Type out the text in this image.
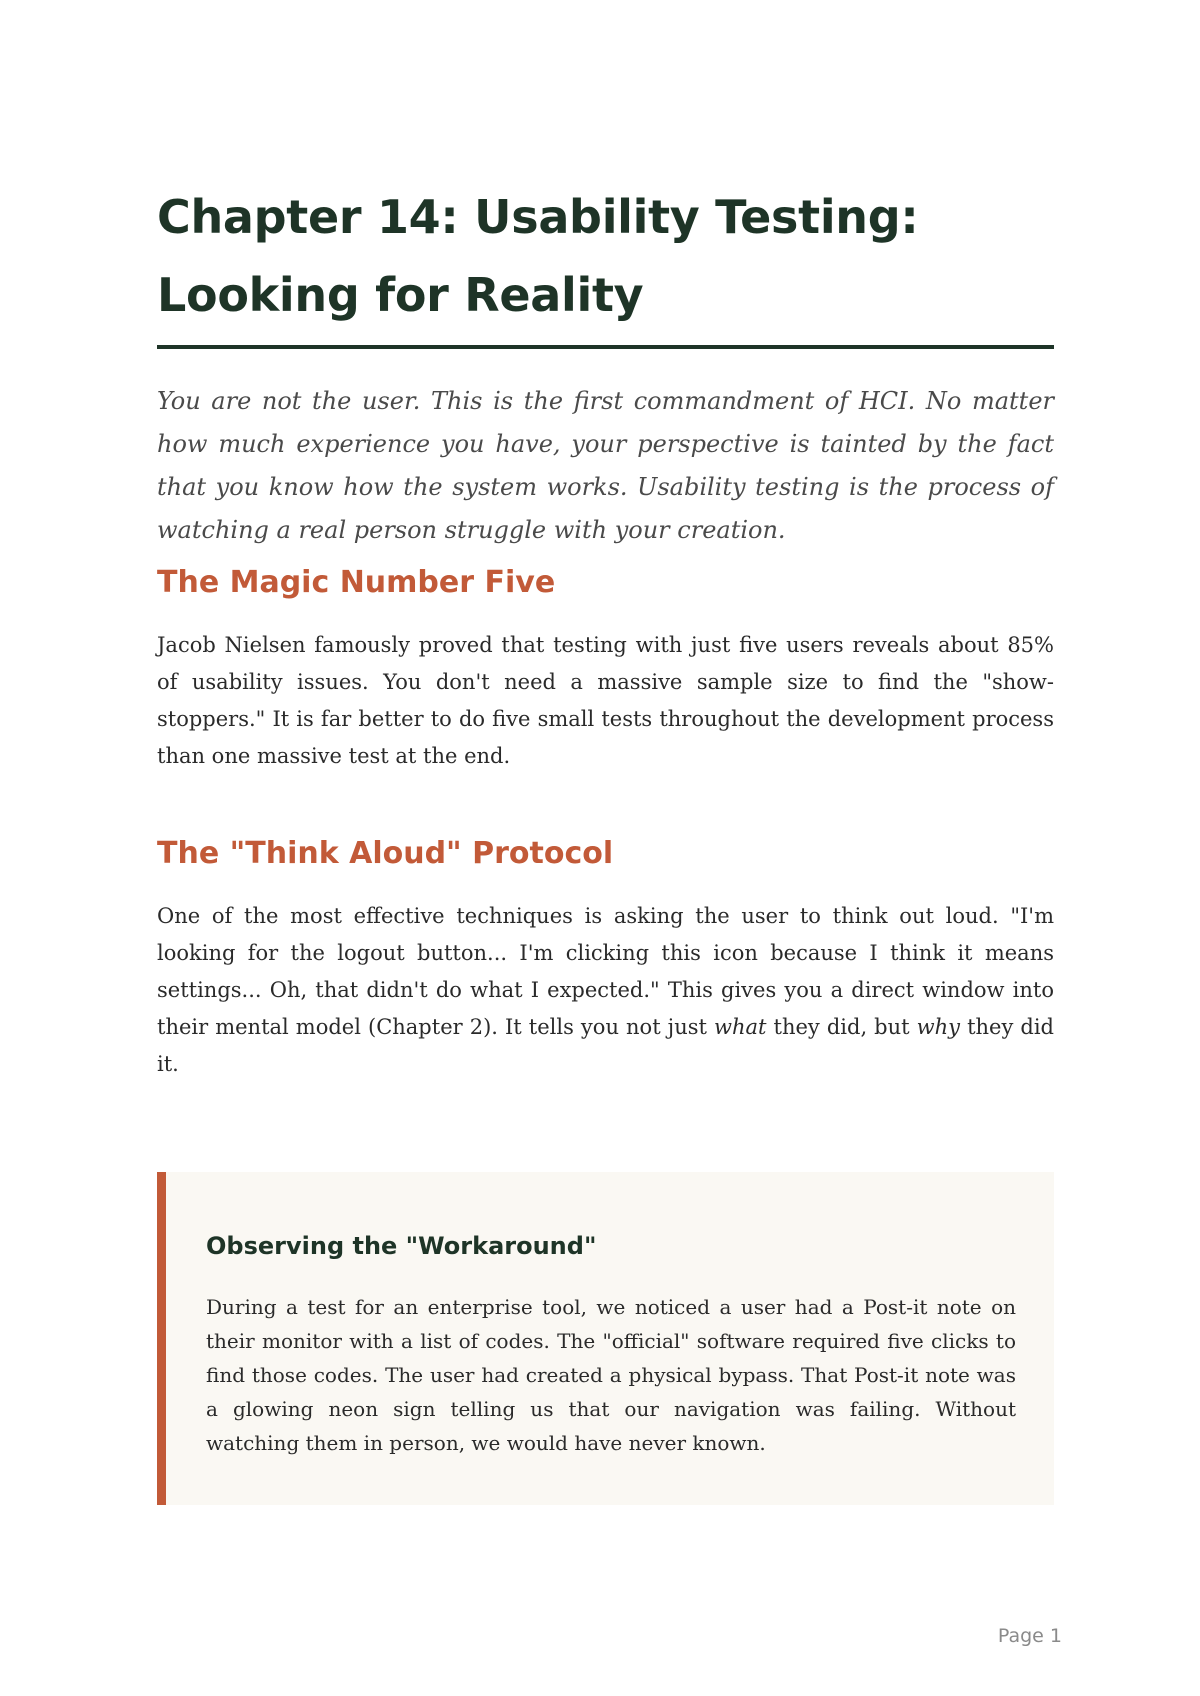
Chapter 14: Usability Testing:
Looking for Reality

You are not the user. This is the first commandment of HCI. No matter how much experience you have, your perspective is tainted by the fact that you know how the system works. Usability testing is the process of watching a real person struggle with your creation.

The Magic Number Five

Jacob Nielsen famously proved that testing with just five users reveals about 85% of usability issues. You don't need a massive sample size to find the "show-stoppers." It is far better to do five small tests throughout the development process than one massive test at the end.

The "Think Aloud" Protocol

One of the most effective techniques is asking the user to think out loud. "I'm looking for the logout button... I'm clicking this icon because I think it means settings... Oh, that didn't do what I expected." This gives you a direct window into their mental model (Chapter 2). It tells you not just what they did, but why they did it.

Observing the "Workaround"

During a test for an enterprise tool, we noticed a user had a Post-it note on their monitor with a list of codes. The "official" software required five clicks to find those codes. The user had created a physical bypass. That Post-it note was a glowing neon sign telling us that our navigation was failing. Without watching them in person, we would have never known.

Page 1
